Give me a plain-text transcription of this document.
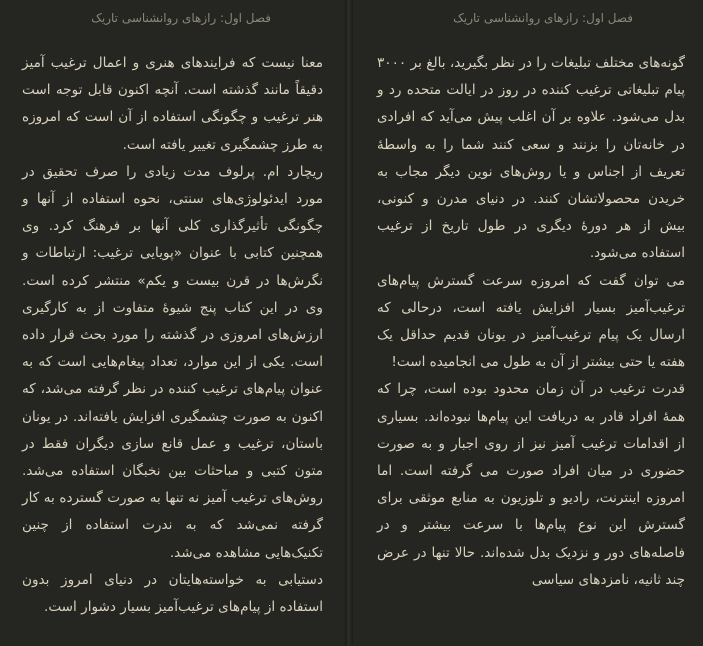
فصل اول: رازهای روانشناسی تاریک

گونه‌های مختلف تبلیغات را در نظر بگیرید، بالغ بر ۳۰۰۰ پیام تبلیغاتی ترغیب کننده در روز در ایالت متحده رد و بدل می‌شود. علاوه بر آن اغلب پیش می‌آید که افرادی در خانه‌تان را بزنند و سعی کنند شما را به واسطهٔ تعریف از اجناس و یا روش‌های نوین دیگر مجاب به خریدن محصولاتشان کنند. در دنیای مدرن و کنونی، بیش از هر دورهٔ دیگری در طول تاریخ از ترغیب استفاده می‌شود.

می توان گفت که امروزه سرعت گسترش پیام‌های ترغیب‌آمیز بسیار افزایش یافته است، درحالی که ارسال یک پیام ترغیب‌آمیز در یونان قدیم حداقل یک هفته یا حتی بیشتر از آن به طول می انجامیده است!

قدرت ترغیب در آن زمان محدود بوده است، چرا که همهٔ افراد قادر به دریافت این پیام‌ها نبوده‌اند. بسیاری از اقدامات ترغیب آمیز نیز از روی اجبار و به صورت حضوری در میان افراد صورت می گرفته است. اما امروزه اینترنت، رادیو و تلوزیون به منابع موثقی برای گسترش این نوع پیام‌ها با سرعت بیشتر و در فاصله‌های دور و نزدیک بدل شده‌اند. حالا تنها در عرض چند ثانیه، نامزدهای سیاسی

فصل اول: رازهای روانشناسی تاریک

معنا نیست که فرایندهای هنری و اعمال ترغیب آمیز دقیقاً مانند گذشته است. آنچه اکنون قابل توجه است هنر ترغیب و چگونگی استفاده از آن است که امروزه به طرز چشمگیری تغییر یافته است.

ریچارد ام. پرلوف مدت زیادی را صرف تحقیق در مورد ایدئولوژی‌های سنتی، نحوه استفاده از آنها و چگونگی تأثیرگذاری کلی آنها بر فرهنگ کرد. وی همچنین کتابی با عنوان «پویایی ترغیب: ارتباطات و نگرش‌ها در قرن بیست و یکم» منتشر کرده است. وی در این کتاب پنج شیوهٔ متفاوت از به کارگیری ارزش‌های امروزی در گذشته را مورد بحث قرار داده است. یکی از این موارد، تعداد پیغام‌هایی است که به عنوان پیام‌های ترغیب کننده در نظر گرفته می‌شد، که اکنون به صورت چشمگیری افزایش یافته‌اند. در یونان باستان، ترغیب و عمل قانع سازی دیگران فقط در متون کتبی و مباحثات بین نخبگان استفاده می‌شد. روش‌های ترغیب آمیز نه تنها به صورت گسترده به کار گرفته نمی‌شد که به ندرت استفاده از چنین تکنیک‌هایی مشاهده می‌شد.

دستیابی به خواسته‌هایتان در دنیای امروز بدون استفاده از پیام‌های ترغیب‌آمیز بسیار دشوار است.
